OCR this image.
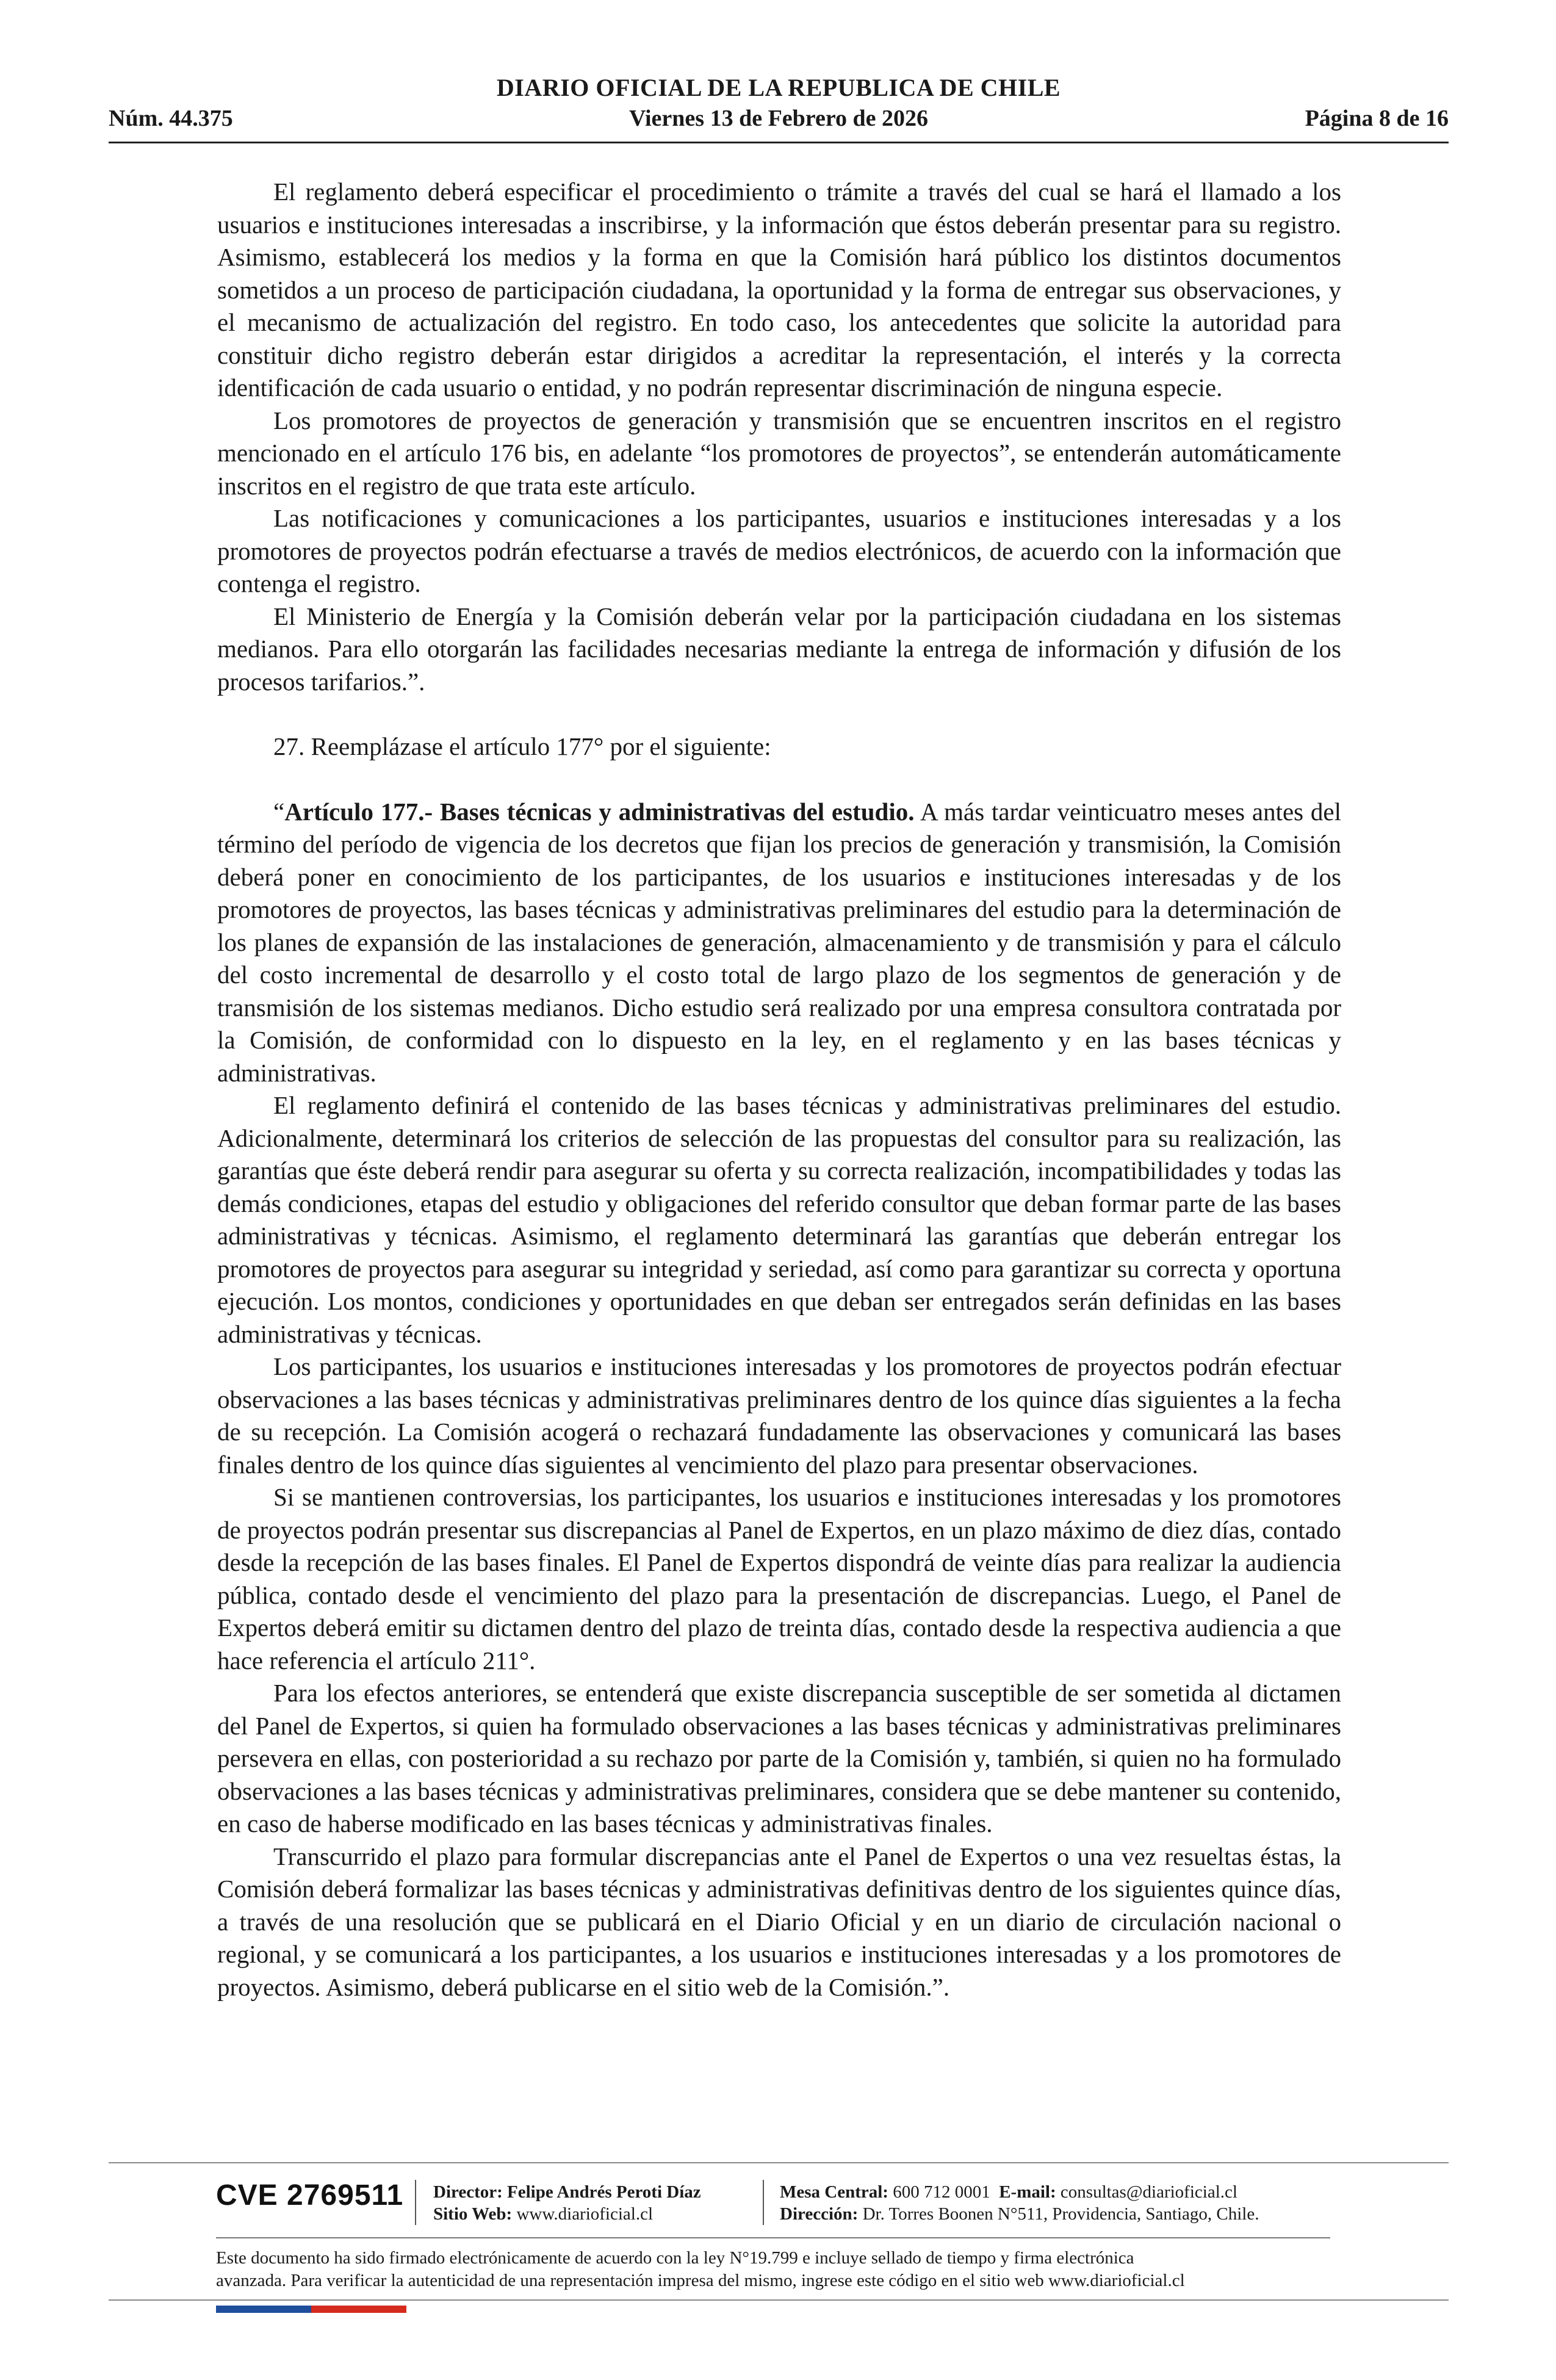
DIARIO OFICIAL DE LA REPUBLICA DE CHILE
Núm. 44.375	Viernes 13 de Febrero de 2026	Página 8 de 16

El reglamento deberá especificar el procedimiento o trámite a través del cual se hará el llamado a los usuarios e instituciones interesadas a inscribirse, y la información que éstos deberán presentar para su registro. Asimismo, establecerá los medios y la forma en que la Comisión hará público los distintos documentos sometidos a un proceso de participación ciudadana, la oportunidad y la forma de entregar sus observaciones, y el mecanismo de actualización del registro. En todo caso, los antecedentes que solicite la autoridad para constituir dicho registro deberán estar dirigidos a acreditar la representación, el interés y la correcta identificación de cada usuario o entidad, y no podrán representar discriminación de ninguna especie.

Los promotores de proyectos de generación y transmisión que se encuentren inscritos en el registro mencionado en el artículo 176 bis, en adelante “los promotores de proyectos”, se entenderán automáticamente inscritos en el registro de que trata este artículo.

Las notificaciones y comunicaciones a los participantes, usuarios e instituciones interesadas y a los promotores de proyectos podrán efectuarse a través de medios electrónicos, de acuerdo con la información que contenga el registro.

El Ministerio de Energía y la Comisión deberán velar por la participación ciudadana en los sistemas medianos. Para ello otorgarán las facilidades necesarias mediante la entrega de información y difusión de los procesos tarifarios.”.

27. Reemplázase el artículo 177° por el siguiente:

“Artículo 177.- Bases técnicas y administrativas del estudio. A más tardar veinticuatro meses antes del término del período de vigencia de los decretos que fijan los precios de generación y transmisión, la Comisión deberá poner en conocimiento de los participantes, de los usuarios e instituciones interesadas y de los promotores de proyectos, las bases técnicas y administrativas preliminares del estudio para la determinación de los planes de expansión de las instalaciones de generación, almacenamiento y de transmisión y para el cálculo del costo incremental de desarrollo y el costo total de largo plazo de los segmentos de generación y de transmisión de los sistemas medianos. Dicho estudio será realizado por una empresa consultora contratada por la Comisión, de conformidad con lo dispuesto en la ley, en el reglamento y en las bases técnicas y administrativas.

El reglamento definirá el contenido de las bases técnicas y administrativas preliminares del estudio. Adicionalmente, determinará los criterios de selección de las propuestas del consultor para su realización, las garantías que éste deberá rendir para asegurar su oferta y su correcta realización, incompatibilidades y todas las demás condiciones, etapas del estudio y obligaciones del referido consultor que deban formar parte de las bases administrativas y técnicas. Asimismo, el reglamento determinará las garantías que deberán entregar los promotores de proyectos para asegurar su integridad y seriedad, así como para garantizar su correcta y oportuna ejecución. Los montos, condiciones y oportunidades en que deban ser entregados serán definidas en las bases administrativas y técnicas.

Los participantes, los usuarios e instituciones interesadas y los promotores de proyectos podrán efectuar observaciones a las bases técnicas y administrativas preliminares dentro de los quince días siguientes a la fecha de su recepción. La Comisión acogerá o rechazará fundadamente las observaciones y comunicará las bases finales dentro de los quince días siguientes al vencimiento del plazo para presentar observaciones.

Si se mantienen controversias, los participantes, los usuarios e instituciones interesadas y los promotores de proyectos podrán presentar sus discrepancias al Panel de Expertos, en un plazo máximo de diez días, contado desde la recepción de las bases finales. El Panel de Expertos dispondrá de veinte días para realizar la audiencia pública, contado desde el vencimiento del plazo para la presentación de discrepancias. Luego, el Panel de Expertos deberá emitir su dictamen dentro del plazo de treinta días, contado desde la respectiva audiencia a que hace referencia el artículo 211°.

Para los efectos anteriores, se entenderá que existe discrepancia susceptible de ser sometida al dictamen del Panel de Expertos, si quien ha formulado observaciones a las bases técnicas y administrativas preliminares persevera en ellas, con posterioridad a su rechazo por parte de la Comisión y, también, si quien no ha formulado observaciones a las bases técnicas y administrativas preliminares, considera que se debe mantener su contenido, en caso de haberse modificado en las bases técnicas y administrativas finales.

Transcurrido el plazo para formular discrepancias ante el Panel de Expertos o una vez resueltas éstas, la Comisión deberá formalizar las bases técnicas y administrativas definitivas dentro de los siguientes quince días, a través de una resolución que se publicará en el Diario Oficial y en un diario de circulación nacional o regional, y se comunicará a los participantes, a los usuarios e instituciones interesadas y a los promotores de proyectos. Asimismo, deberá publicarse en el sitio web de la Comisión.”.

CVE 2769511 Director: Felipe Andrés Peroti Díaz
Sitio Web: www.diarioficial.cl
Mesa Central: 600 712 0001 E-mail: consultas@diarioficial.cl
Dirección: Dr. Torres Boonen N°511, Providencia, Santiago, Chile.
Este documento ha sido firmado electrónicamente de acuerdo con la ley N°19.799 e incluye sellado de tiempo y firma electrónica
avanzada. Para verificar la autenticidad de una representación impresa del mismo, ingrese este código en el sitio web www.diarioficial.cl
